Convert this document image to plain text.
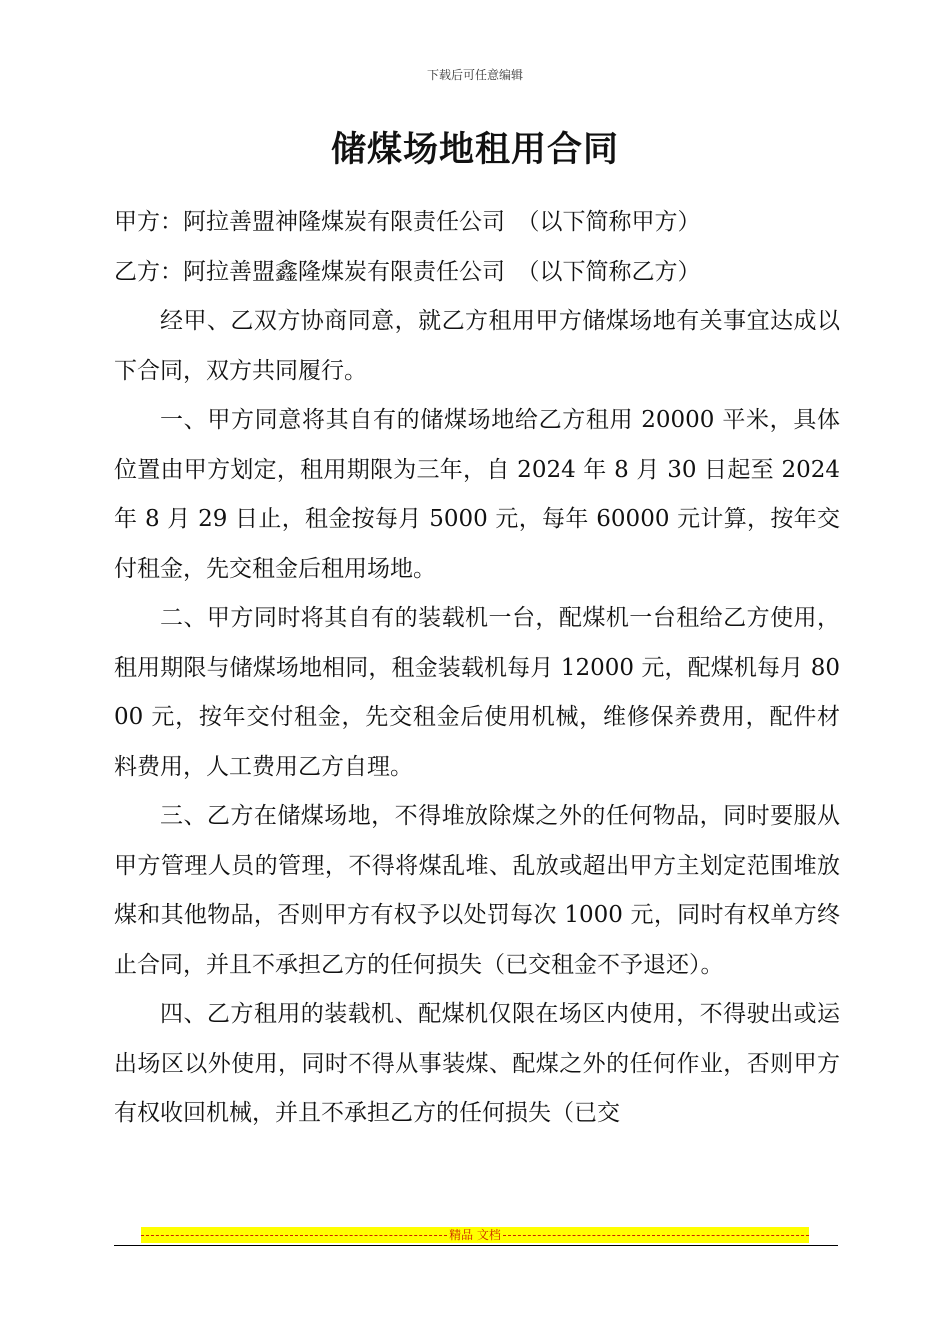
下载后可任意编辑
储煤场地租用合同

甲方：阿拉善盟神隆煤炭有限责任公司　（以下简称甲方）

乙方：阿拉善盟鑫隆煤炭有限责任公司　（以下简称乙方）

经甲、乙双方协商同意，就乙方租用甲方储煤场地有关事宜达成以下合同，双方共同履行。

一、甲方同意将其自有的储煤场地给乙方租用 20000 平米，具体位置由甲方划定，租用期限为三年，自 2024 年 8 月 30 日起至 2024 年 8 月 29 日止，租金按每月 5000 元，每年 60000 元计算，按年交付租金，先交租金后租用场地。

二、甲方同时将其自有的装载机一台，配煤机一台租给乙方使用，租用期限与储煤场地相同，租金装载机每月 12000 元，配煤机每月 8000 元，按年交付租金，先交租金后使用机械，维修保养费用，配件材料费用，人工费用乙方自理。

三、乙方在储煤场地，不得堆放除煤之外的任何物品，同时要服从甲方管理人员的管理，不得将煤乱堆、乱放或超出甲方主划定范围堆放煤和其他物品，否则甲方有权予以处罚每次 1000 元，同时有权单方终止合同，并且不承担乙方的任何损失（已交租金不予退还）。

四、乙方租用的装载机、配煤机仅限在场区内使用，不得驶出或运出场区以外使用，同时不得从事装煤、配煤之外的任何作业，否则甲方有权收回机械，并且不承担乙方的任何损失（已交

精品 文档
